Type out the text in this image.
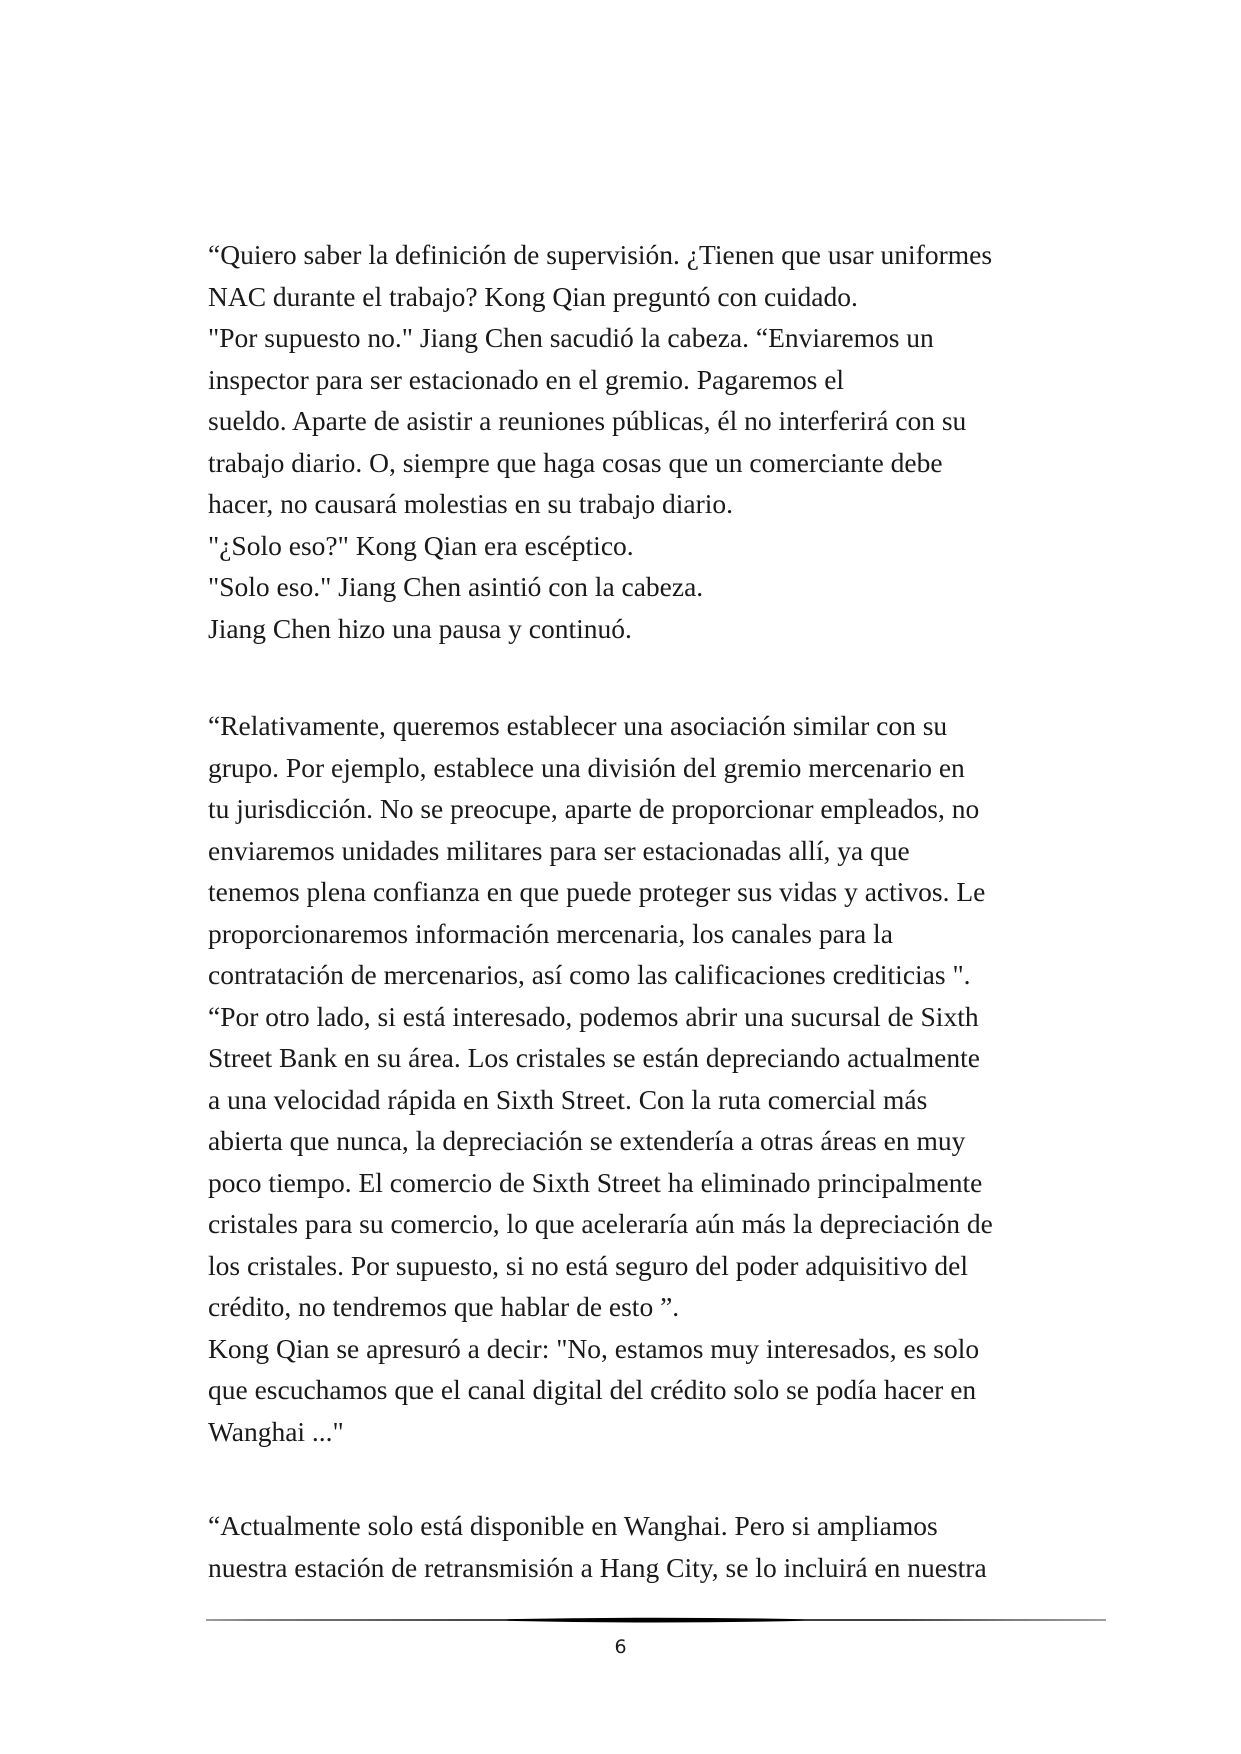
“Quiero saber la definición de supervisión. ¿Tienen que usar uniformes
NAC durante el trabajo? Kong Qian preguntó con cuidado.
"Por supuesto no." Jiang Chen sacudió la cabeza. “Enviaremos un
inspector para ser estacionado en el gremio. Pagaremos el
sueldo. Aparte de asistir a reuniones públicas, él no interferirá con su
trabajo diario. O, siempre que haga cosas que un comerciante debe
hacer, no causará molestias en su trabajo diario.
"¿Solo eso?" Kong Qian era escéptico.
"Solo eso." Jiang Chen asintió con la cabeza.
Jiang Chen hizo una pausa y continuó.
“Relativamente, queremos establecer una asociación similar con su
grupo. Por ejemplo, establece una división del gremio mercenario en
tu jurisdicción. No se preocupe, aparte de proporcionar empleados, no
enviaremos unidades militares para ser estacionadas allí, ya que
tenemos plena confianza en que puede proteger sus vidas y activos. Le
proporcionaremos información mercenaria, los canales para la
contratación de mercenarios, así como las calificaciones crediticias ".
“Por otro lado, si está interesado, podemos abrir una sucursal de Sixth
Street Bank en su área. Los cristales se están depreciando actualmente
a una velocidad rápida en Sixth Street. Con la ruta comercial más
abierta que nunca, la depreciación se extendería a otras áreas en muy
poco tiempo. El comercio de Sixth Street ha eliminado principalmente
cristales para su comercio, lo que aceleraría aún más la depreciación de
los cristales. Por supuesto, si no está seguro del poder adquisitivo del
crédito, no tendremos que hablar de esto ”.
Kong Qian se apresuró a decir: "No, estamos muy interesados, es solo
que escuchamos que el canal digital del crédito solo se podía hacer en
Wanghai ..."
“Actualmente solo está disponible en Wanghai. Pero si ampliamos
nuestra estación de retransmisión a Hang City, se lo incluirá en nuestra
6
